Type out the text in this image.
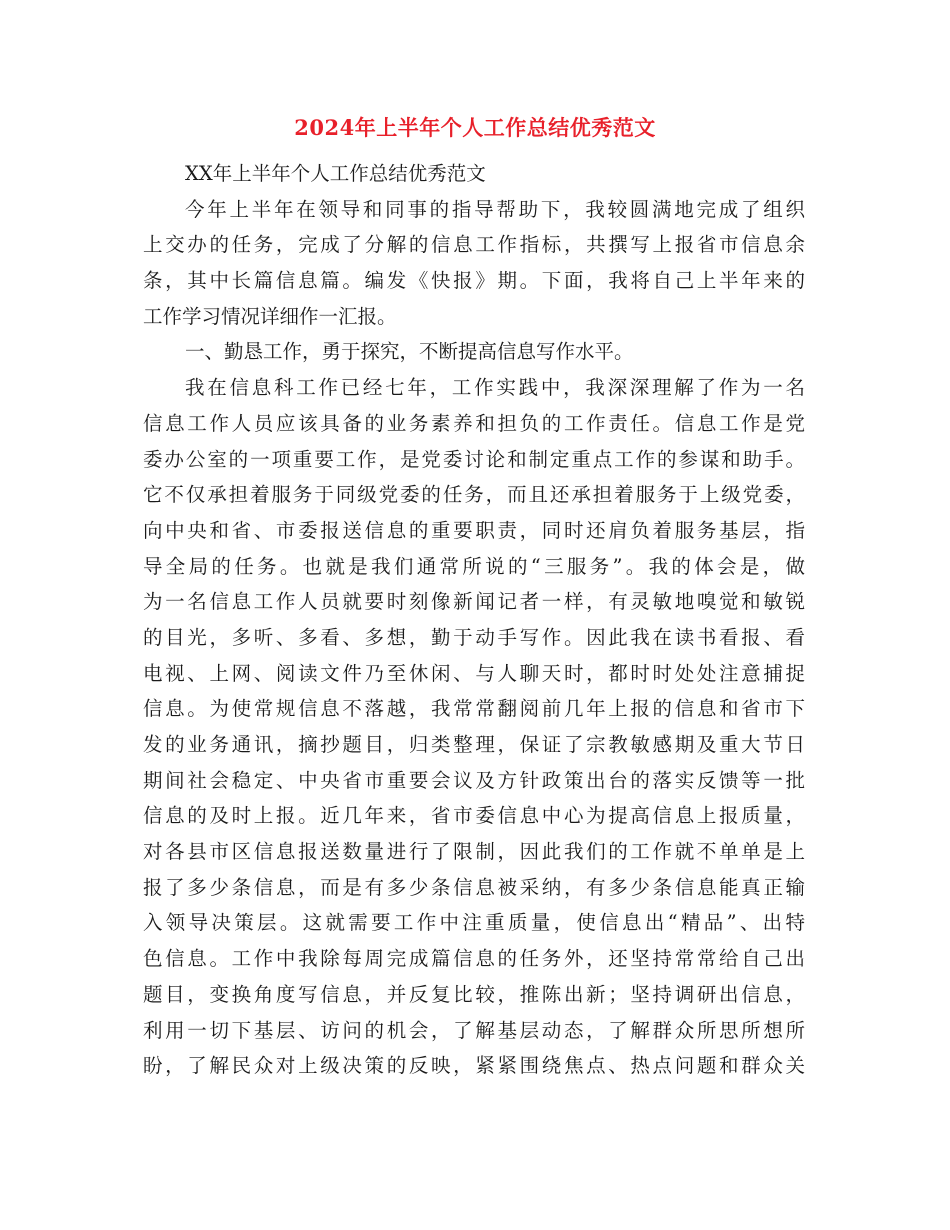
2024年上半年个人工作总结优秀范文
XX年上半年个人工作总结优秀范文
今年上半年在领导和同事的指导帮助下，我较圆满地完成了组织
上交办的任务，完成了分解的信息工作指标，共撰写上报省市信息余
条，其中长篇信息篇。编发《快报》期。下面，我将自己上半年来的
工作学习情况详细作一汇报。
一、勤恳工作，勇于探究，不断提高信息写作水平。
我在信息科工作已经七年，工作实践中，我深深理解了作为一名
信息工作人员应该具备的业务素养和担负的工作责任。信息工作是党
委办公室的一项重要工作，是党委讨论和制定重点工作的参谋和助手。
它不仅承担着服务于同级党委的任务，而且还承担着服务于上级党委，
向中央和省、市委报送信息的重要职责，同时还肩负着服务基层，指
导全局的任务。也就是我们通常所说的“三服务”。我的体会是，做
为一名信息工作人员就要时刻像新闻记者一样，有灵敏地嗅觉和敏锐
的目光，多听、多看、多想，勤于动手写作。因此我在读书看报、看
电视、上网、阅读文件乃至休闲、与人聊天时，都时时处处注意捕捉
信息。为使常规信息不落越，我常常翻阅前几年上报的信息和省市下
发的业务通讯，摘抄题目，归类整理，保证了宗教敏感期及重大节日
期间社会稳定、中央省市重要会议及方针政策出台的落实反馈等一批
信息的及时上报。近几年来，省市委信息中心为提高信息上报质量，
对各县市区信息报送数量进行了限制，因此我们的工作就不单单是上
报了多少条信息，而是有多少条信息被采纳，有多少条信息能真正输
入领导决策层。这就需要工作中注重质量，使信息出“精品”、出特
色信息。工作中我除每周完成篇信息的任务外，还坚持常常给自己出
题目，变换角度写信息，并反复比较，推陈出新；坚持调研出信息，
利用一切下基层、访问的机会，了解基层动态，了解群众所思所想所
盼，了解民众对上级决策的反映，紧紧围绕焦点、热点问题和群众关
